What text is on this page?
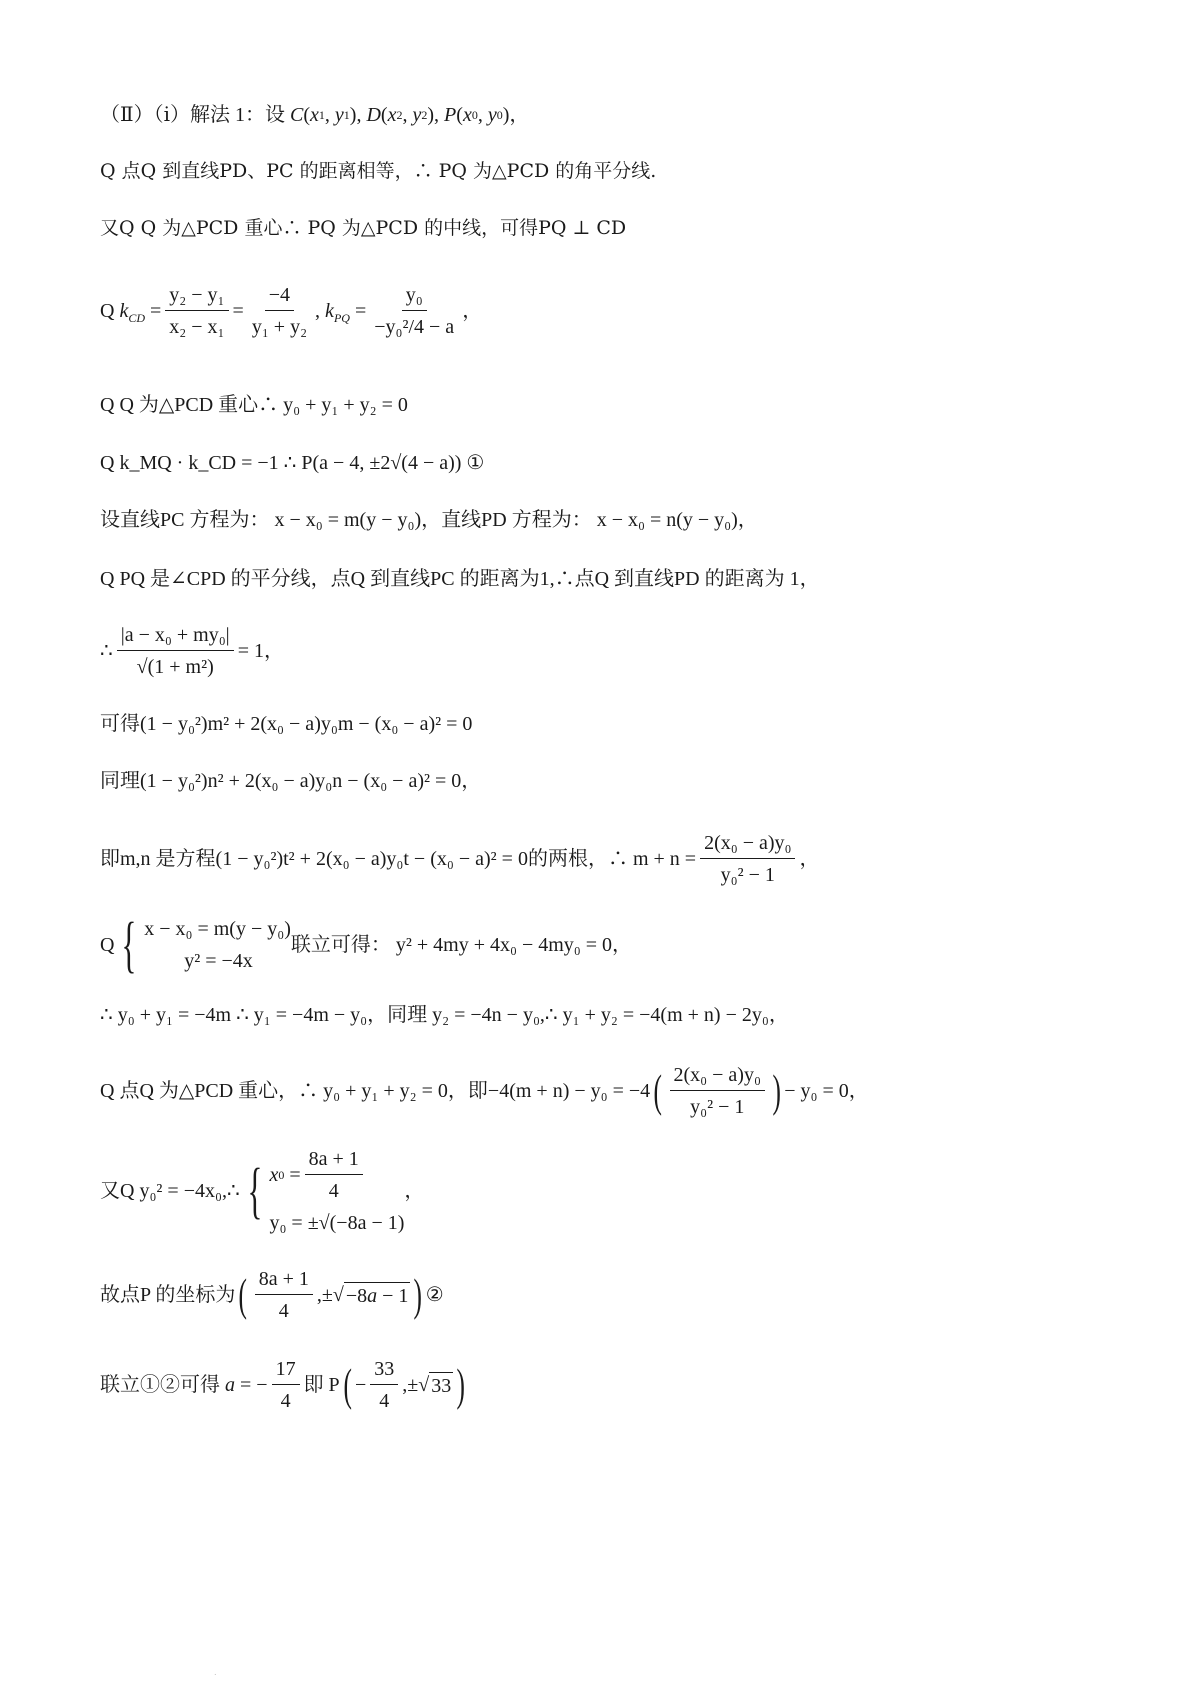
（Ⅱ）（ⅰ）解法 1：设 C ( x 1 , y 1 ), D ( x 2 , y 2 ), P ( x 0 , y 0 )，
Q 点Q 到直线PD、PC 的距离相等，∴ PQ 为△PCD 的角平分线.
又Q Q 为△PCD 重心∴ PQ 为△PCD 的中线，可得PQ ⊥ CD
Q $k_{CD} = \frac{\text{y₂ − y₁}}{\text{x₂ − x₁}} = \frac{-4}{\text{y₁ + y₂}}$ , $k_{PQ} = \frac{\text{y₀}}{\text{−y₀²/4 − a}}$ ，
Q Q 为△PCD 重心∴ y₀ + y₁ + y₂ = 0
Q k_MQ · k_CD = −1 ∴ P(a − 4, ±2√(4 − a)) ①
设直线PC 方程为： x − x₀ = m(y − y₀)，直线PD 方程为： x − x₀ = n(y − y₀)，
Q PQ 是∠CPD 的平分线，点Q 到直线PC 的距离为1,∴点Q 到直线PD 的距离为 1，
∴ $\frac{\text{|a − x₀ + my₀|}}{\text{√(1 + m²)}} = 1$，
可得(1 − y₀²)m² + 2(x₀ − a)y₀m − (x₀ − a)² = 0
同理(1 − y₀²)n² + 2(x₀ − a)y₀n − (x₀ − a)² = 0，
即m,n 是方程(1 − y₀²)t² + 2(x₀ − a)y₀t − (x₀ − a)² = 0的两根，∴ $m + n = \frac{\text{2(x₀ − a)y₀}}{\text{y₀² − 1}}$ ，
Q { x − x₀ = m(y − y₀)
y² = −4x
联立可得： y² + 4my + 4x₀ − 4my₀ = 0，
∴ y₀ + y₁ = −4m ∴ y₁ = −4m − y₀，同理 y₂ = −4n − y₀,∴ y₁ + y₂ = −4(m + n) − 2y₀，
Q 点Q 为△PCD 重心，∴ y₀ + y₁ + y₂ = 0，即−4(m + n) − y₀ = −4 ( $\frac{\text{2(x₀ − a)y₀}}{\text{y₀² − 1}}$ ) − y₀ = 0，
又Q y₀² = −4x₀,∴ { x $0 = \frac{8a + 1}{4}$
y₀ = ±√(−8a − 1)
，
故点P 的坐标为 ( $\frac{8a + 1}{4}$ ,± √ −8a − 1 ) ②
联立①②可得 a = − $\frac{17}{4}$ 即 P ( − $\frac{33}{4}$ ,± √ 33 )
.
